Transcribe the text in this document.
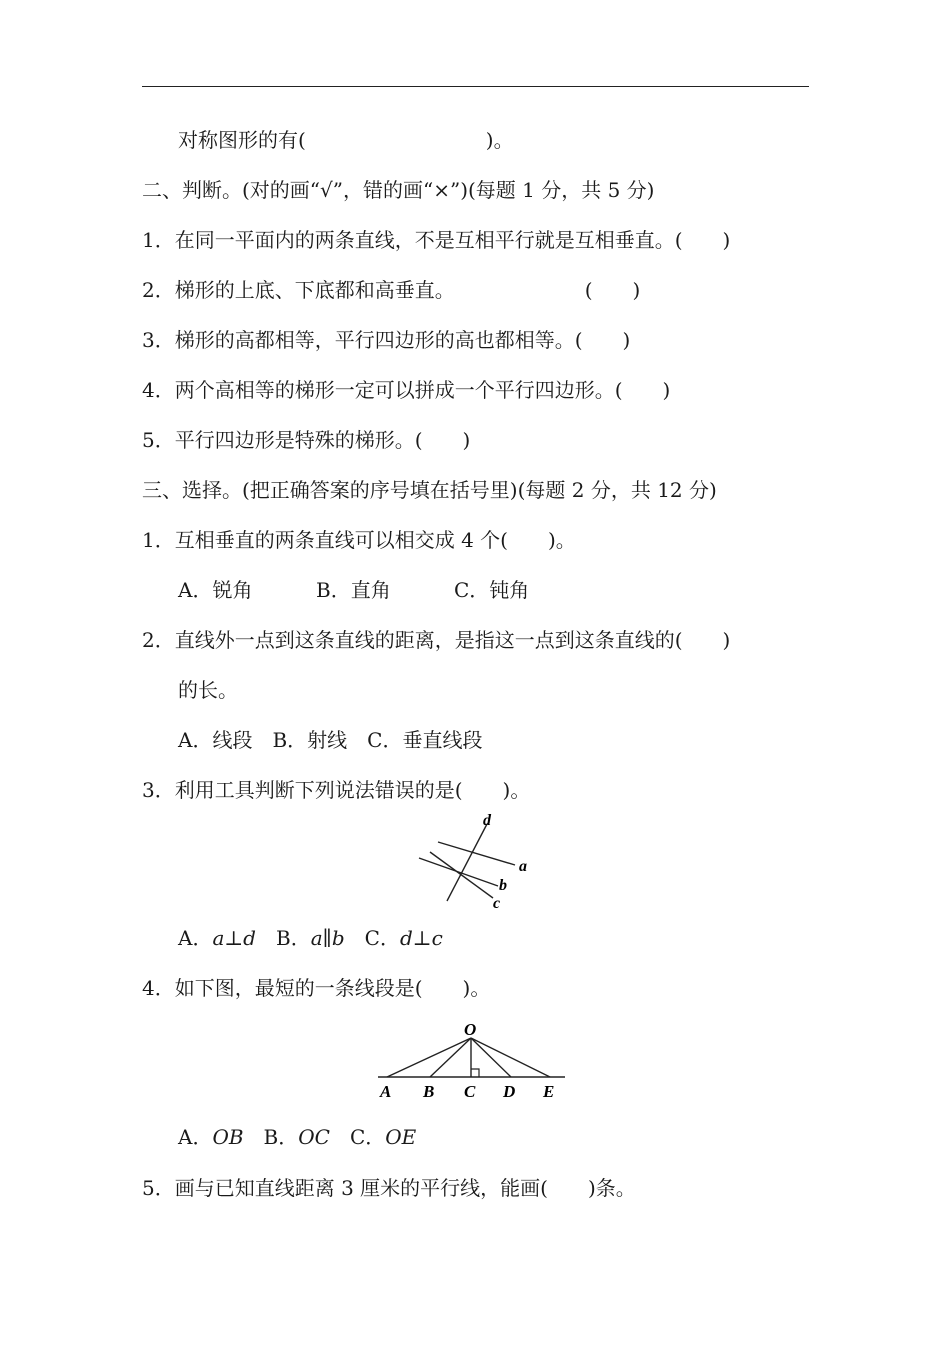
对称图形的有(　　　　　　　　　)。
二、判断。(对的画“√”，错的画“×”)(每题 1 分，共 5 分)
1．在同一平面内的两条直线，不是互相平行就是互相垂直。(　　)
2．梯形的上底、下底都和高垂直。　　　　　　　(　　)
3．梯形的高都相等，平行四边形的高也都相等。(　　)
4．两个高相等的梯形一定可以拼成一个平行四边形。(　　)
5．平行四边形是特殊的梯形。(　　)
三、选择。(把正确答案的序号填在括号里)(每题 2 分，共 12 分)
1．互相垂直的两条直线可以相交成 4 个(　　)。
A．锐角	B．直角	C．钝角
2．直线外一点到这条直线的距离，是指这一点到这条直线的(　　)
的长。
A．线段　B．射线　C．垂直线段
3．利用工具判断下列说法错误的是(　　)。
d
a
b
c
A．a⊥d　 B．a∥b　 C．d⊥c
4．如下图，最短的一条线段是(　　)。
O
A B C D E
A．OB　 B．OC　 C．OE
5．画与已知直线距离 3 厘米的平行线，能画(　　)条。
